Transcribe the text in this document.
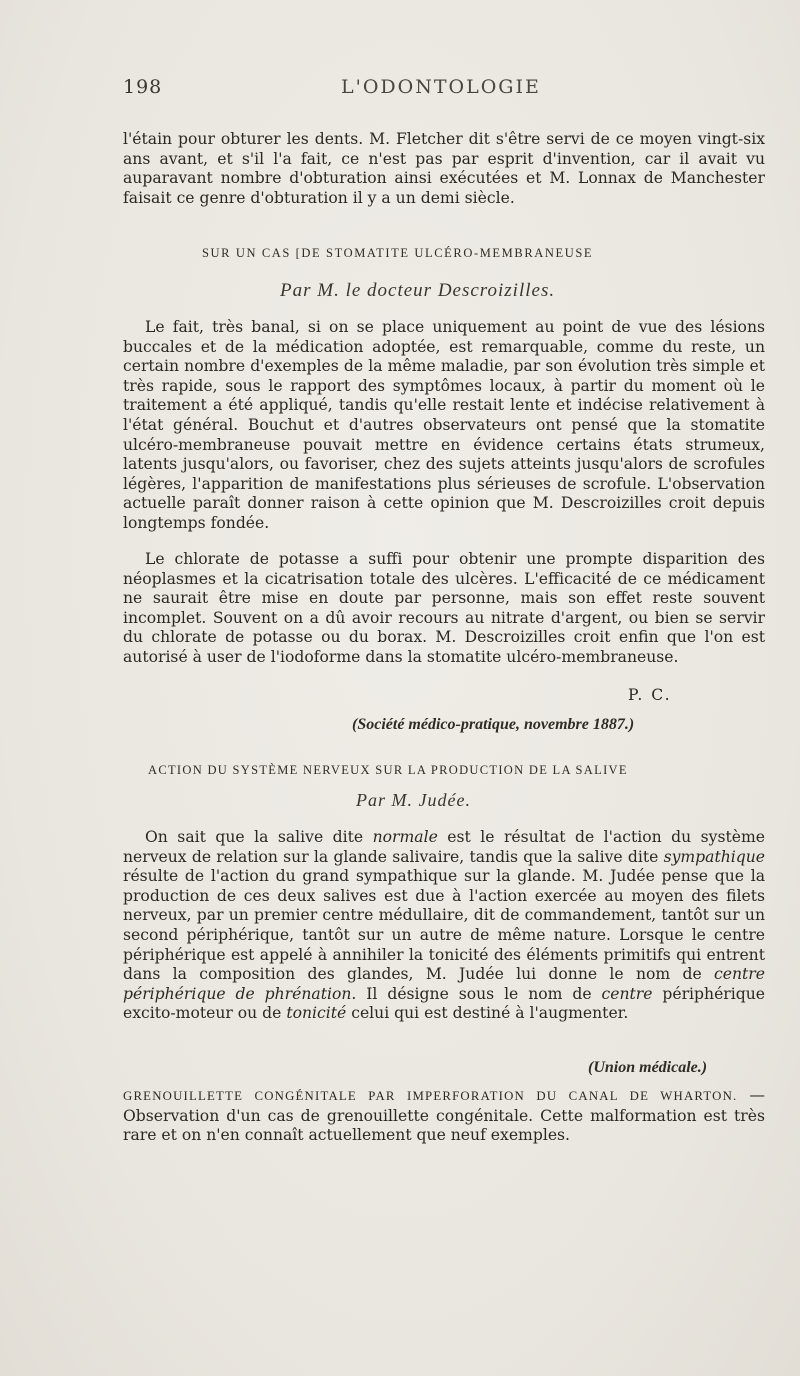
198	L'ODONTOLOGIE
l'étain pour obturer les dents. M. Fletcher dit s'être servi de ce moyen vingt-six ans avant, et s'il l'a fait, ce n'est pas par esprit d'invention, car il avait vu auparavant nombre d'obturation ainsi exécutées et M. Lonnax de Manchester faisait ce genre d'obturation il y a un demi siècle.
SUR UN CAS [DE STOMATITE ULCÉRO-MEMBRANEUSE
Par M. le docteur Descroizilles.
Le fait, très banal, si on se place uniquement au point de vue des lésions buccales et de la médication adoptée, est remarquable, comme du reste, un certain nombre d'exemples de la même maladie, par son évolution très simple et très rapide, sous le rapport des symptômes locaux, à partir du moment où le traitement a été appliqué, tandis qu'elle restait lente et indécise relativement à l'état général. Bouchut et d'autres observateurs ont pensé que la stomatite ulcéro-membraneuse pouvait mettre en évidence certains états strumeux, latents jusqu'alors, ou favoriser, chez des sujets atteints jusqu'alors de scrofules légères, l'apparition de manifestations plus sérieuses de scrofule. L'observation actuelle paraît donner raison à cette opinion que M. Descroizilles croit depuis longtemps fondée.
Le chlorate de potasse a suffi pour obtenir une prompte disparition des néoplasmes et la cicatrisation totale des ulcères. L'efficacité de ce médicament ne saurait être mise en doute par personne, mais son effet reste souvent incomplet. Souvent on a dû avoir recours au nitrate d'argent, ou bien se servir du chlorate de potasse ou du borax. M. Descroizilles croit enfin que l'on est autorisé à user de l'iodoforme dans la stomatite ulcéro-membraneuse.
P. C.
(Société médico-pratique, novembre 1887.)
ACTION DU SYSTÈME NERVEUX SUR LA PRODUCTION DE LA SALIVE
Par M. Judée.
On sait que la salive dite normale est le résultat de l'action du système nerveux de relation sur la glande salivaire, tandis que la salive dite sympathique résulte de l'action du grand sympathique sur la glande. M. Judée pense que la production de ces deux salives est due à l'action exercée au moyen des filets nerveux, par un premier centre médullaire, dit de commandement, tantôt sur un second périphérique, tantôt sur un autre de même nature. Lorsque le centre périphérique est appelé à annihiler la tonicité des éléments primitifs qui entrent dans la composition des glandes, M. Judée lui donne le nom de centre périphérique de phrénation. Il désigne sous le nom de centre périphérique excito-moteur ou de tonicité celui qui est destiné à l'augmenter.
(Union médicale.)
GRENOUILLETTE CONGÉNITALE PAR IMPERFORATION DU CANAL DE WHARTON. — Observation d'un cas de grenouillette congénitale. Cette malformation est très rare et on n'en connaît actuellement que neuf exemples.
